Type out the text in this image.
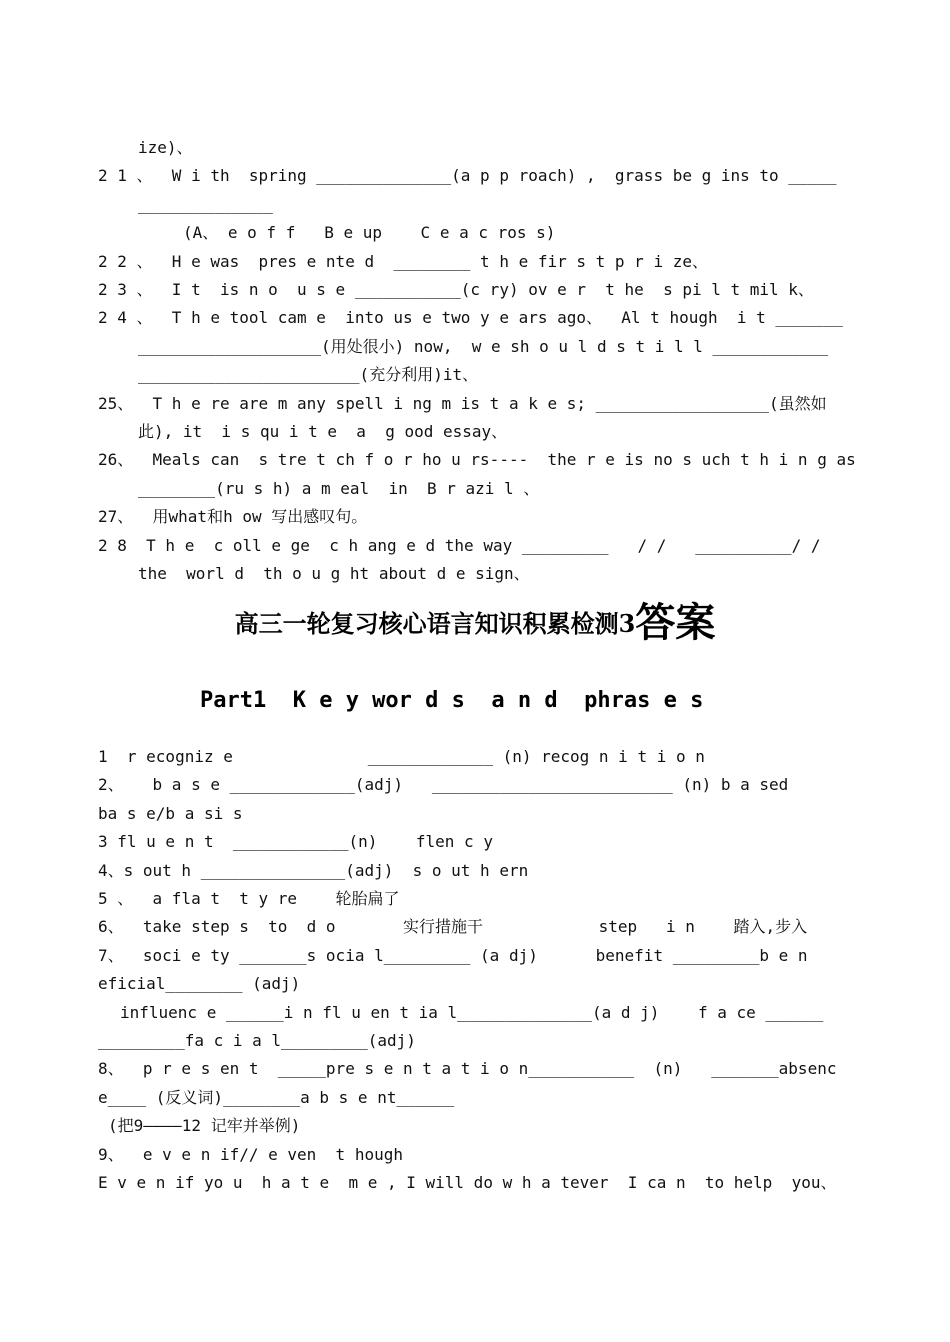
ize)、
2 1 、  W i th  spring ______________(a p p roach) ,  grass be g ins to _____
______________
(A、 e o f f   B e up    C e a c ros s)
2 2 、  H e was  pres e nte d  ________ t h e fir s t p r i ze、
2 3 、  I t  is n o  u s e ___________(c ry) ov e r  t he  s pi l t mil k、
2 4 、  T h e tool cam e  into us e two y e ars ago、  Al t hough  i t _______
___________________(用处很小) now,  w e sh o u l d s t i l l ____________
_______________________(充分利用)it、
25、  T h e re are m any spell i ng m is t a k e s; __________________(虽然如
此), it  i s qu i t e  a  g ood essay、
26、  Meals can  s tre t ch f o r ho u rs----  the r e is no s uch t h i n g as
________(ru s h) a m eal  in  B r azi l 、
27、  用what和h ow 写出感叹句。
2 8  T h e  c oll e ge  c h ang e d the way _________   / /   __________/ /
the  worl d  th o u g ht about d e sign、
高三一轮复习核心语言知识积累检测3答案
Part1  K e y wor d s  a n d  phras e s
1  r ecogniz e              _____________ (n) recog n i t i o n
2、   b a s e _____________(adj)   _________________________ (n) b a sed
ba s e/b a si s
3 fl u e n t  ____________(n)    flen c y
4、s out h _______________(adj)  s o ut h ern
5 、  a fla t  t y re    轮胎扁了
6、  take step s  to  d o       实行措施干            step   i n    踏入,步入
7、  soci e ty _______s ocia l_________ (a dj)      benefit _________b e n
eficial________ (adj)
influenc e ______i n fl u en t ia l______________(a d j)    f a ce ______
_________fa c i a l_________(adj)
8、  p r e s en t  _____pre s e n t a t i o n___________  (n)   _______absenc
e____ (反义词)________a b s e nt______
(把9————12 记牢并举例)
9、  e v e n if// e ven  t hough
E v e n if yo u  h a t e  m e , I will do w h a tever  I ca n  to help  you、
